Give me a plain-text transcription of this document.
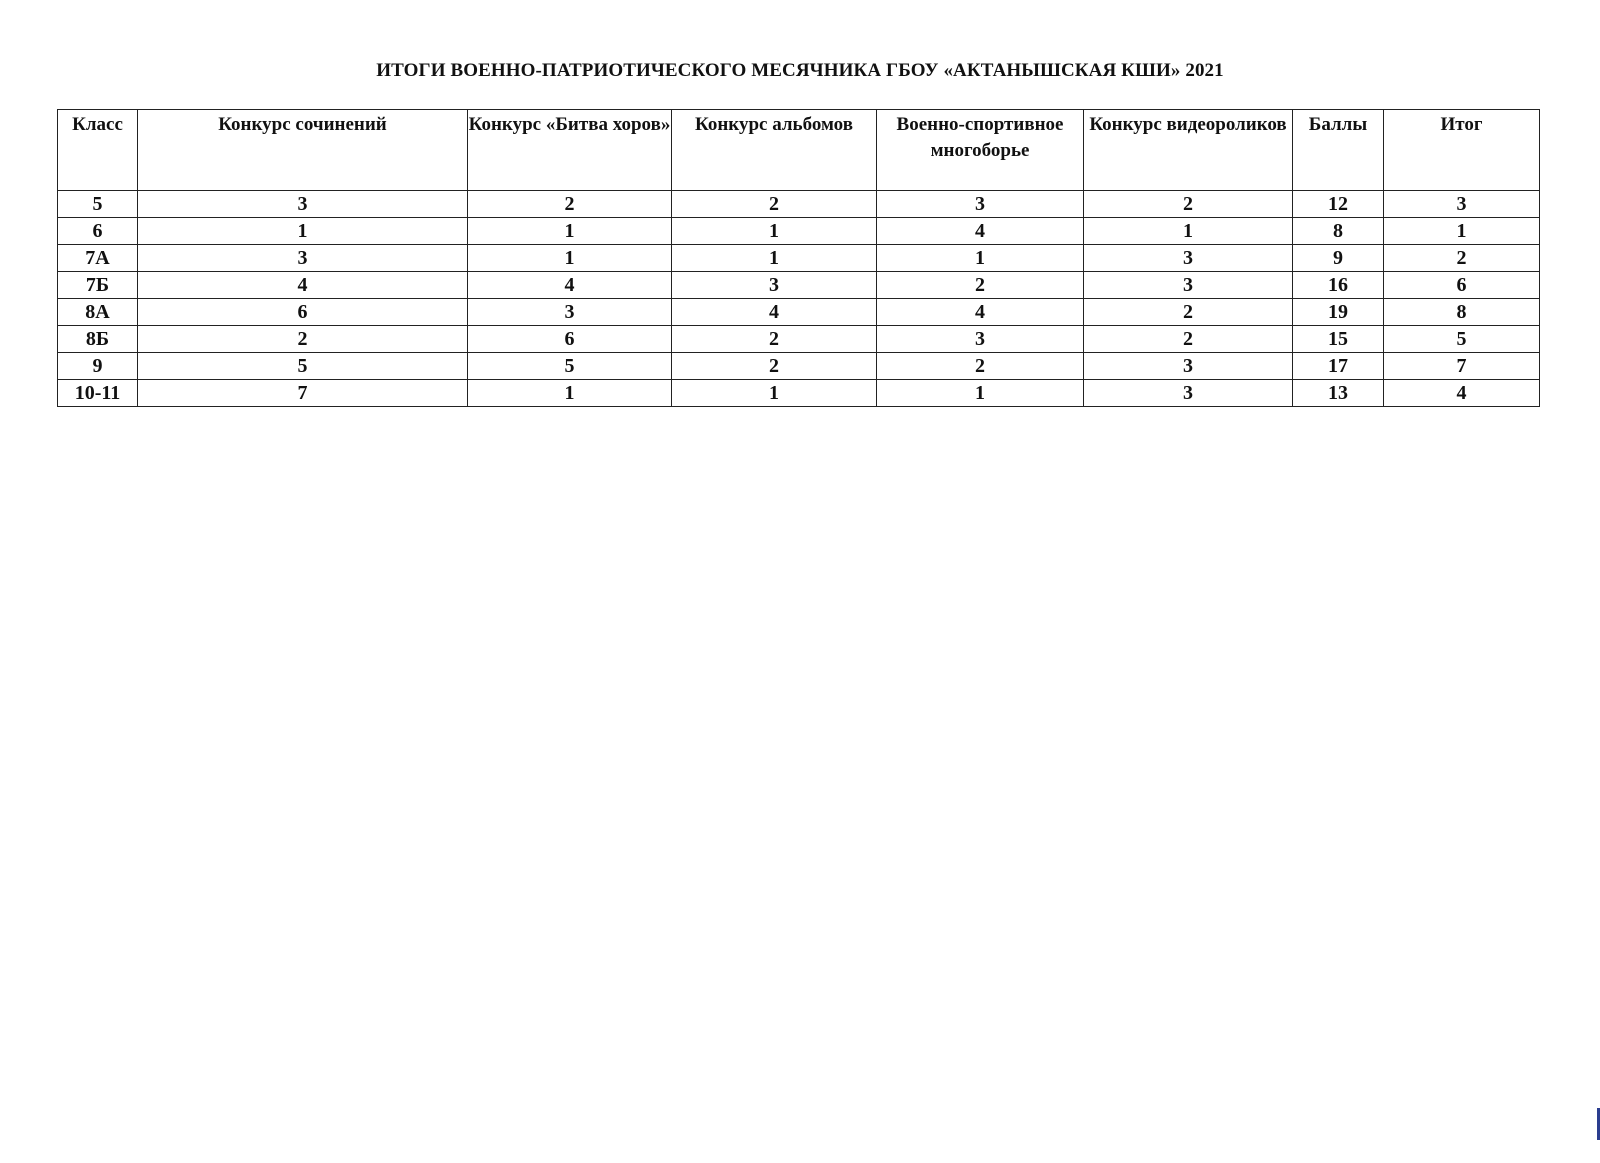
ИТОГИ ВОЕННО-ПАТРИОТИЧЕСКОГО МЕСЯЧНИКА ГБОУ «АКТАНЫШСКАЯ КШИ» 2021
Класс	Конкурс сочинений	Конкурс «Битва хоров»	Конкурс альбомов	Военно-спортивное многоборье	Конкурс видеороликов	Баллы	Итог
5	3	2	2	3	2	12	3
6	1	1	1	4	1	8	1
7А	3	1	1	1	3	9	2
7Б	4	4	3	2	3	16	6
8А	6	3	4	4	2	19	8
8Б	2	6	2	3	2	15	5
9	5	5	2	2	3	17	7
10-11	7	1	1	1	3	13	4
